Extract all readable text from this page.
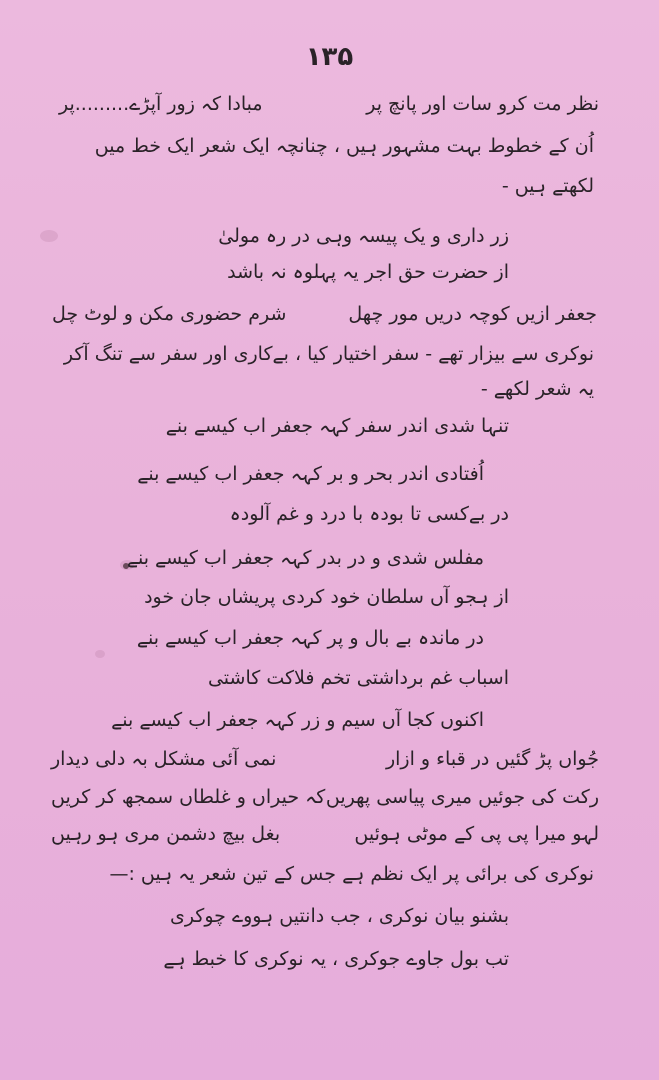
۱۳۵
نظر مت کرو سات اور پانچ پر
مبادا کہ زور آپڑے.........پر
اُن کے خطوط بہت مشہور ہیں ، چنانچہ ایک شعر ایک خط میں
لکھتے ہیں -
زر داری و یک پیسہ وہی در رہ مولیٰ
از حضرت حق اجر یہ پہلوہ نہ باشد
جعفر ازیں کوچہ دریں مور چھل
شرم حضوری مکن و لوٹ چل
نوکری سے بیزار تھے - سفر اختیار کیا ، بےکاری اور سفر سے تنگ آکر
یہ شعر لکھے -
تنہا شدی اندر سفر کہہ جعفر اب کیسے بنے
اُفتادی اندر بحر و بر کہہ جعفر اب کیسے بنے
در بےکسی تا بودہ با درد و غم آلودہ
مفلس شدی و در بدر کہہ جعفر اب کیسے بنے
از ہجو آں سلطان خود کردی پریشاں جان خود
در ماندہ بے بال و پر کہہ جعفر اب کیسے بنے
اسباب غم برداشتی تخم فلاکت کاشتی
اکنوں کجا آں سیم و زر کہہ جعفر اب کیسے بنے
جُواں پڑ گئیں در قباء و ازار
نمی آئی مشکل بہ دلی دیدار
رکت کی جوئیں میری پیاسی پھریں
کہ حیراں و غلطاں سمجھ کر کریں
لہو میرا پی پی کے موٹی ہوئیں
بغل بیچ دشمن مری ہو رہیں
نوکری کی برائی پر ایک نظم ہے جس کے تین شعر یہ ہیں :—
بشنو بیان نوکری ، جب دانتیں ہووے چوکری
تب بول جاوے جوکری ، یہ نوکری کا خبط ہے
